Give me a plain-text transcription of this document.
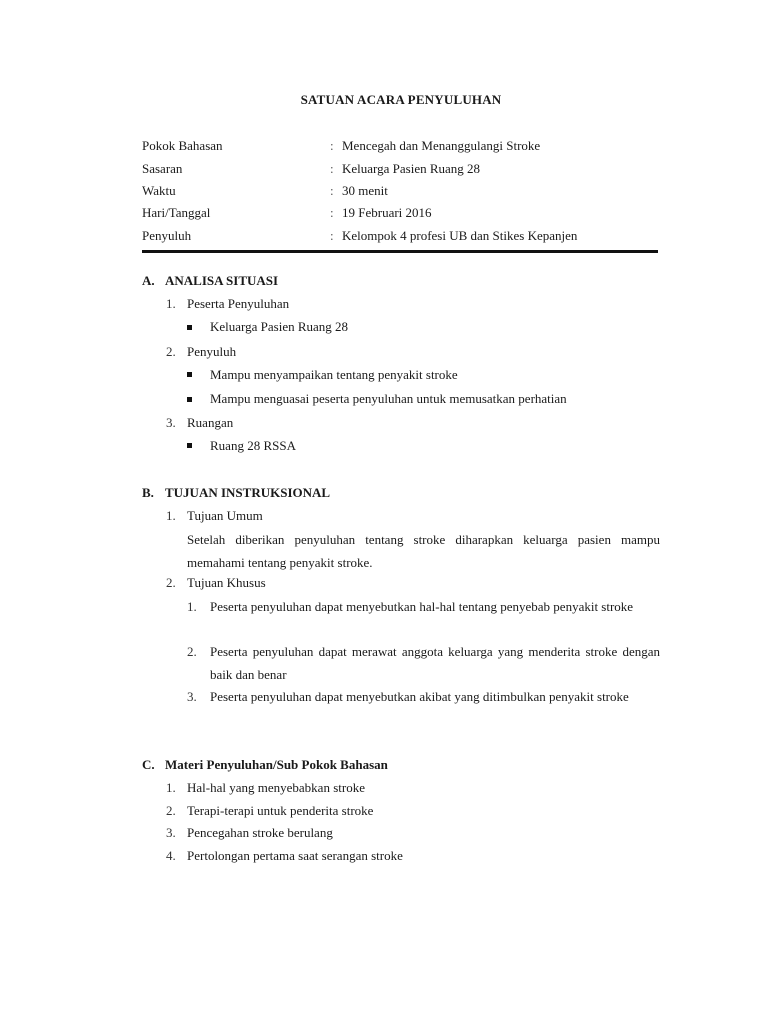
SATUAN ACARA PENYULUHAN
Pokok Bahasan	: Mencegah dan Menanggulangi Stroke
Sasaran	: Keluarga Pasien Ruang 28
Waktu	: 30 menit
Hari/Tanggal	: 19 Februari 2016
Penyuluh	: Kelompok 4 profesi UB dan Stikes Kepanjen
A. ANALISA SITUASI
1. Peserta Penyuluhan
Keluarga Pasien Ruang 28
2. Penyuluh
Mampu menyampaikan tentang penyakit stroke
Mampu menguasai peserta penyuluhan untuk memusatkan perhatian
3. Ruangan
Ruang 28 RSSA
B. TUJUAN INSTRUKSIONAL
1. Tujuan Umum
Setelah diberikan penyuluhan tentang stroke diharapkan keluarga pasien mampu memahami tentang penyakit stroke.
2. Tujuan Khusus
1. Peserta penyuluhan dapat menyebutkan hal-hal tentang penyebab penyakit stroke
2. Peserta penyuluhan dapat merawat anggota keluarga yang menderita stroke dengan baik dan benar
3. Peserta penyuluhan dapat menyebutkan akibat yang ditimbulkan penyakit stroke
C. Materi Penyuluhan/Sub Pokok Bahasan
1. Hal-hal yang menyebabkan stroke
2. Terapi-terapi untuk penderita stroke
3. Pencegahan stroke berulang
4. Pertolongan pertama saat serangan stroke
